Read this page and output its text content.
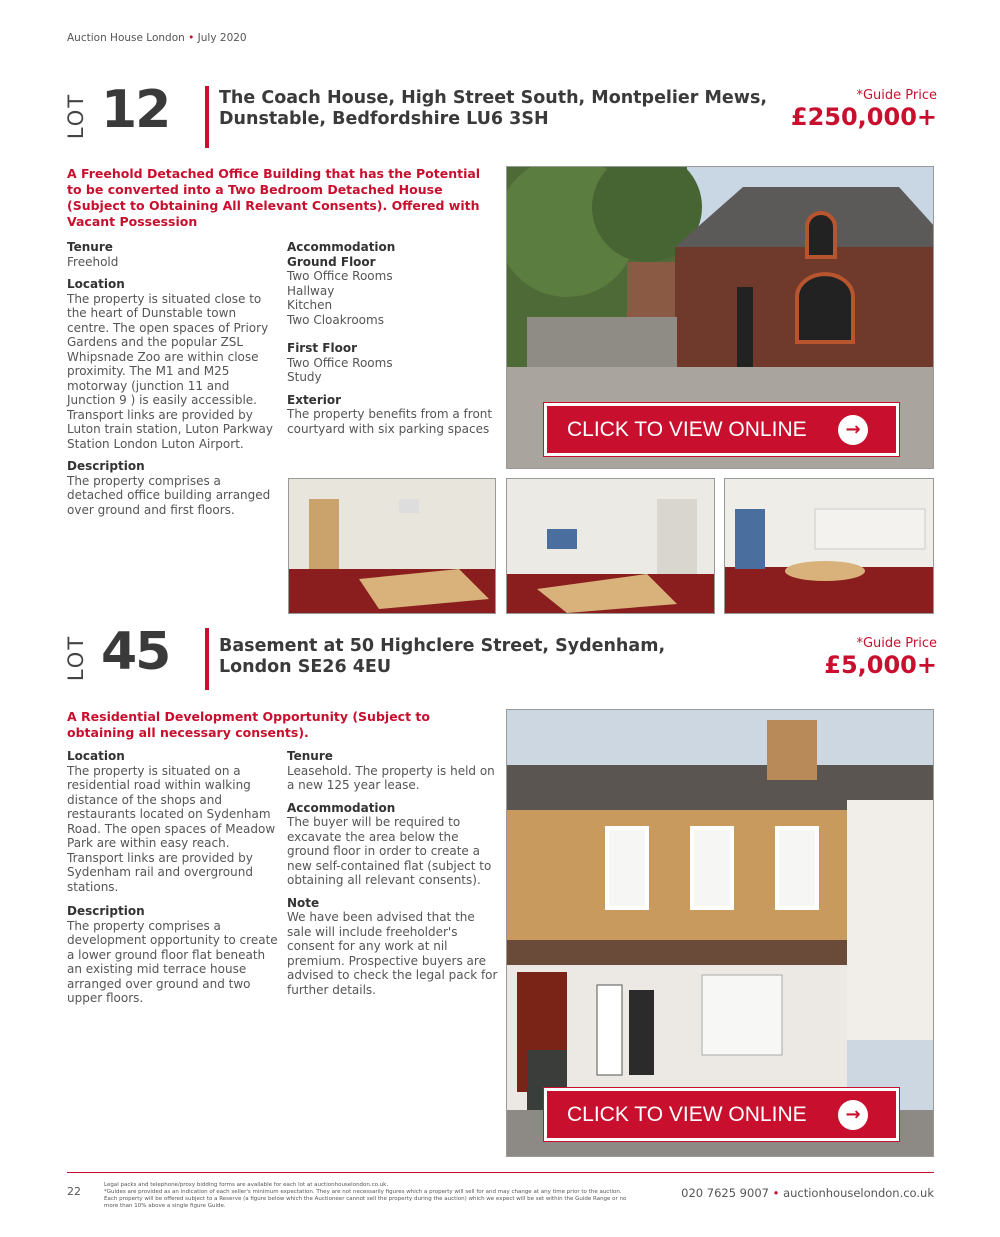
Auction House London • July 2020
LOT 12	The Coach House, High Street South, Montpelier Mews,
Dunstable, Bedfordshire LU6 3SH
*Guide Price
£250,000+
A Freehold Detached Office Building that has the Potential to be converted into a Two Bedroom Detached House (Subject to Obtaining All Relevant Consents). Offered with Vacant Possession
Tenure

Freehold

Location

The property is situated close to the heart of Dunstable town centre. The open spaces of Priory Gardens and the popular ZSL Whipsnade Zoo are within close proximity. The M1 and M25 motorway (junction 11 and Junction 9 ) is easily accessible. Transport links are provided by Luton train station, Luton Parkway Station London Luton Airport.

Description

The property comprises a detached office building arranged over ground and first floors.

Accommodation
Ground Floor

Two Office Rooms

Hallway

Kitchen

Two Cloakrooms

First Floor

Two Office Rooms

Study

Exterior

The property benefits from a front courtyard with six parking spaces	CLICK TO VIEW ONLINE	→
LOT 45	Basement at 50 Highclere Street, Sydenham,
London SE26 4EU
*Guide Price
£5,000+
A Residential Development Opportunity (Subject to obtaining all necessary consents).
Location

The property is situated on a residential road within walking distance of the shops and restaurants located on Sydenham Road. The open spaces of Meadow Park are within easy reach. Transport links are provided by Sydenham rail and overground stations.

Description

The property comprises a development opportunity to create a lower ground floor flat beneath an existing mid terrace house arranged over ground and two upper floors.

Tenure

Leasehold. The property is held on a new 125 year lease.

Accommodation

The buyer will be required to excavate the area below the ground floor in order to create a new self-contained flat (subject to obtaining all relevant consents).

Note

We have been advised that the sale will include freeholder's consent for any work at nil premium. Prospective buyers are advised to check the legal pack for further details.

CLICK TO VIEW ONLINE	→
22	Legal packs and telephone/proxy bidding forms are available for each lot at auctionhouselondon.co.uk.

*Guides are provided as an indication of each seller's minimum expectation. They are not necessarily figures which a property will sell for and may change at any time prior to the auction. Each property will be offered subject to a Reserve (a figure below which the Auctioneer cannot sell the property during the auction) which we expect will be set within the Guide Range or no more than 10% above a single figure Guide.

020 7625 9007 • auctionhouselondon.co.uk
